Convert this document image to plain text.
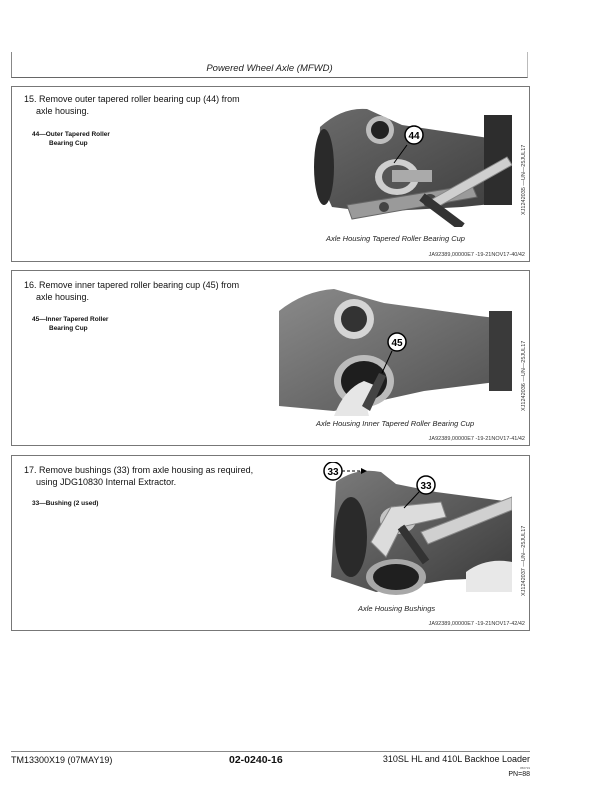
Powered Wheel Axle (MFWD)
15. Remove outer tapered roller bearing cup (44) from
axle housing.
44—Outer Tapered Roller
Bearing Cup
44
XJ1242035 —UN—25JUL17
Axle Housing Tapered Roller Bearing Cup
JA92389,00000E7 -19-21NOV17-40/42
16. Remove inner tapered roller bearing cup (45) from
axle housing.
45—Inner Tapered Roller
Bearing Cup
45	XJ1242036 —UN—25JUL17
Axle Housing Inner Tapered Roller Bearing Cup
JA92389,00000E7 -19-21NOV17-41/42
17. Remove bushings (33) from axle housing as required,
using JDG10830 Internal Extractor.
33—Bushing (2 used)
33
33
XJ1242037 —UN—25JUL17
Axle Housing Bushings
JA92389,00000E7 -19-21NOV17-42/42
TM13300X19 (07MAY19)	02-0240-16	310SL HL and 410L Backhoe Loader
050719
PN=88
